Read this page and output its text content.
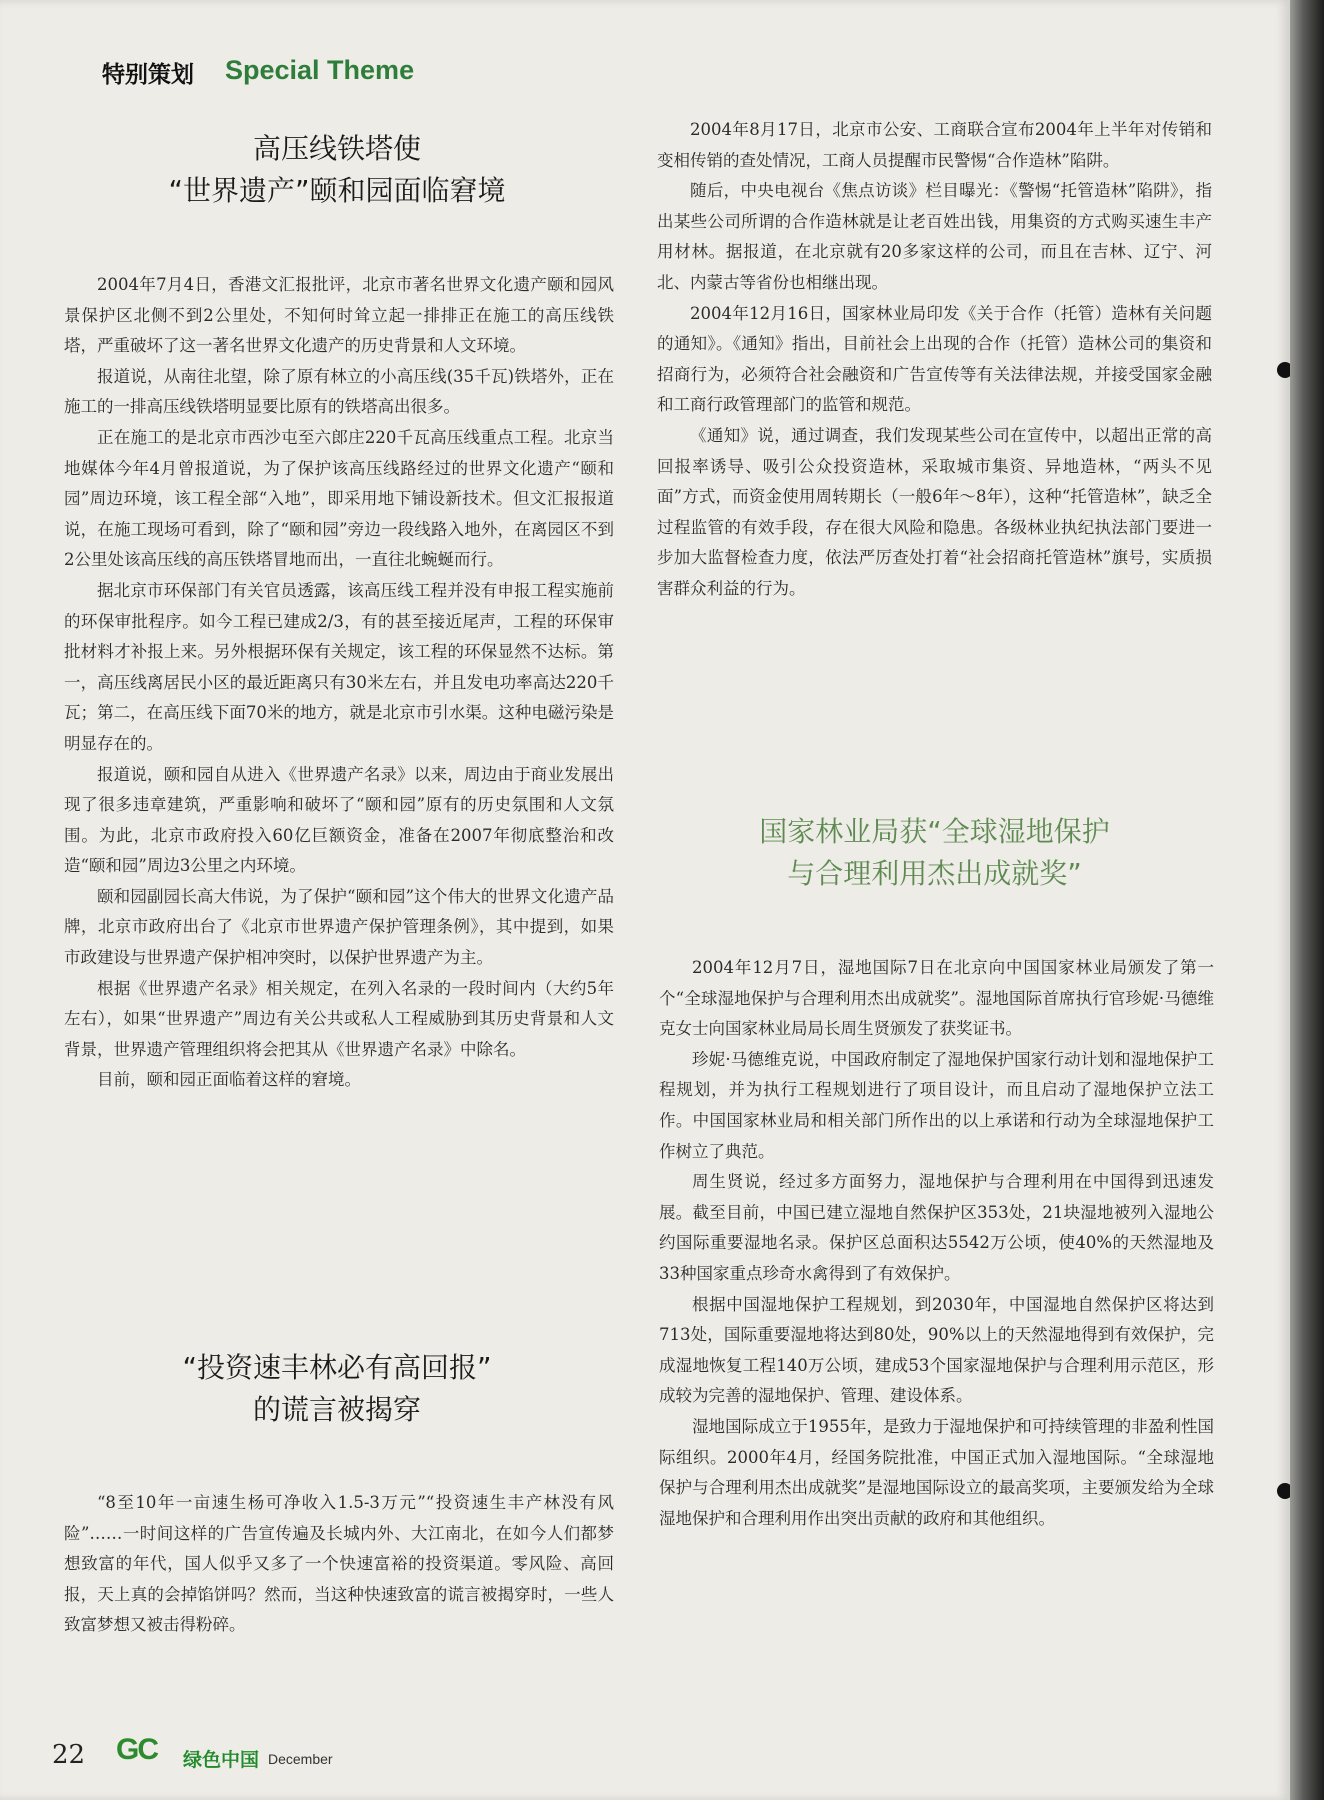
特别策划 Special Theme
高压线铁塔使
“世界遗产”颐和园面临窘境

2004年7月4日，香港文汇报批评，北京市著名世界文化遗产颐和园风景保护区北侧不到2公里处，不知何时耸立起一排排正在施工的高压线铁塔，严重破坏了这一著名世界文化遗产的历史背景和人文环境。

报道说，从南往北望，除了原有林立的小高压线(35千瓦)铁塔外，正在施工的一排高压线铁塔明显要比原有的铁塔高出很多。

正在施工的是北京市西沙屯至六郎庄220千瓦高压线重点工程。北京当地媒体今年4月曾报道说，为了保护该高压线路经过的世界文化遗产“颐和园”周边环境，该工程全部“入地”，即采用地下铺设新技术。但文汇报报道说，在施工现场可看到，除了“颐和园”旁边一段线路入地外，在离园区不到2公里处该高压线的高压铁塔冒地而出，一直往北蜿蜒而行。

据北京市环保部门有关官员透露，该高压线工程并没有申报工程实施前的环保审批程序。如今工程已建成2/3，有的甚至接近尾声，工程的环保审批材料才补报上来。另外根据环保有关规定，该工程的环保显然不达标。第一，高压线离居民小区的最近距离只有30米左右，并且发电功率高达220千瓦；第二，在高压线下面70米的地方，就是北京市引水渠。这种电磁污染是明显存在的。

报道说，颐和园自从进入《世界遗产名录》以来，周边由于商业发展出现了很多违章建筑，严重影响和破坏了“颐和园”原有的历史氛围和人文氛围。为此，北京市政府投入60亿巨额资金，准备在2007年彻底整治和改造“颐和园”周边3公里之内环境。

颐和园副园长高大伟说，为了保护“颐和园”这个伟大的世界文化遗产品牌，北京市政府出台了《北京市世界遗产保护管理条例》，其中提到，如果市政建设与世界遗产保护相冲突时，以保护世界遗产为主。

根据《世界遗产名录》相关规定，在列入名录的一段时间内（大约5年左右），如果“世界遗产”周边有关公共或私人工程威胁到其历史背景和人文背景，世界遗产管理组织将会把其从《世界遗产名录》中除名。

目前，颐和园正面临着这样的窘境。

“投资速丰林必有高回报”
的谎言被揭穿

“8至10年一亩速生杨可净收入1.5-3万元”“投资速生丰产林没有风险”……一时间这样的广告宣传遍及长城内外、大江南北，在如今人们都梦想致富的年代，国人似乎又多了一个快速富裕的投资渠道。零风险、高回报，天上真的会掉馅饼吗？然而，当这种快速致富的谎言被揭穿时，一些人致富梦想又被击得粉碎。

2004年8月17日，北京市公安、工商联合宣布2004年上半年对传销和变相传销的查处情况，工商人员提醒市民警惕“合作造林”陷阱。

随后，中央电视台《焦点访谈》栏目曝光：《警惕“托管造林”陷阱》，指出某些公司所谓的合作造林就是让老百姓出钱，用集资的方式购买速生丰产用材林。据报道，在北京就有20多家这样的公司，而且在吉林、辽宁、河北、内蒙古等省份也相继出现。

2004年12月16日，国家林业局印发《关于合作（托管）造林有关问题的通知》。《通知》指出，目前社会上出现的合作（托管）造林公司的集资和招商行为，必须符合社会融资和广告宣传等有关法律法规，并接受国家金融和工商行政管理部门的监管和规范。

《通知》说，通过调查，我们发现某些公司在宣传中，以超出正常的高回报率诱导、吸引公众投资造林，采取城市集资、异地造林，“两头不见面”方式，而资金使用周转期长（一般6年～8年），这种“托管造林”，缺乏全过程监管的有效手段，存在很大风险和隐患。各级林业执纪执法部门要进一步加大监督检查力度，依法严厉查处打着“社会招商托管造林”旗号，实质损害群众利益的行为。

国家林业局获“全球湿地保护
与合理利用杰出成就奖”

2004年12月7日，湿地国际7日在北京向中国国家林业局颁发了第一个“全球湿地保护与合理利用杰出成就奖”。湿地国际首席执行官珍妮·马德维克女士向国家林业局局长周生贤颁发了获奖证书。

珍妮·马德维克说，中国政府制定了湿地保护国家行动计划和湿地保护工程规划，并为执行工程规划进行了项目设计，而且启动了湿地保护立法工作。中国国家林业局和相关部门所作出的以上承诺和行动为全球湿地保护工作树立了典范。

周生贤说，经过多方面努力，湿地保护与合理利用在中国得到迅速发展。截至目前，中国已建立湿地自然保护区353处，21块湿地被列入湿地公约国际重要湿地名录。保护区总面积达5542万公顷，使40%的天然湿地及33种国家重点珍奇水禽得到了有效保护。

根据中国湿地保护工程规划，到2030年，中国湿地自然保护区将达到713处，国际重要湿地将达到80处，90%以上的天然湿地得到有效保护，完成湿地恢复工程140万公顷，建成53个国家湿地保护与合理利用示范区，形成较为完善的湿地保护、管理、建设体系。

湿地国际成立于1955年，是致力于湿地保护和可持续管理的非盈利性国际组织。2000年4月，经国务院批准，中国正式加入湿地国际。“全球湿地保护与合理利用杰出成就奖”是湿地国际设立的最高奖项，主要颁发给为全球湿地保护和合理利用作出突出贡献的政府和其他组织。

22 GC 绿色中国 December
